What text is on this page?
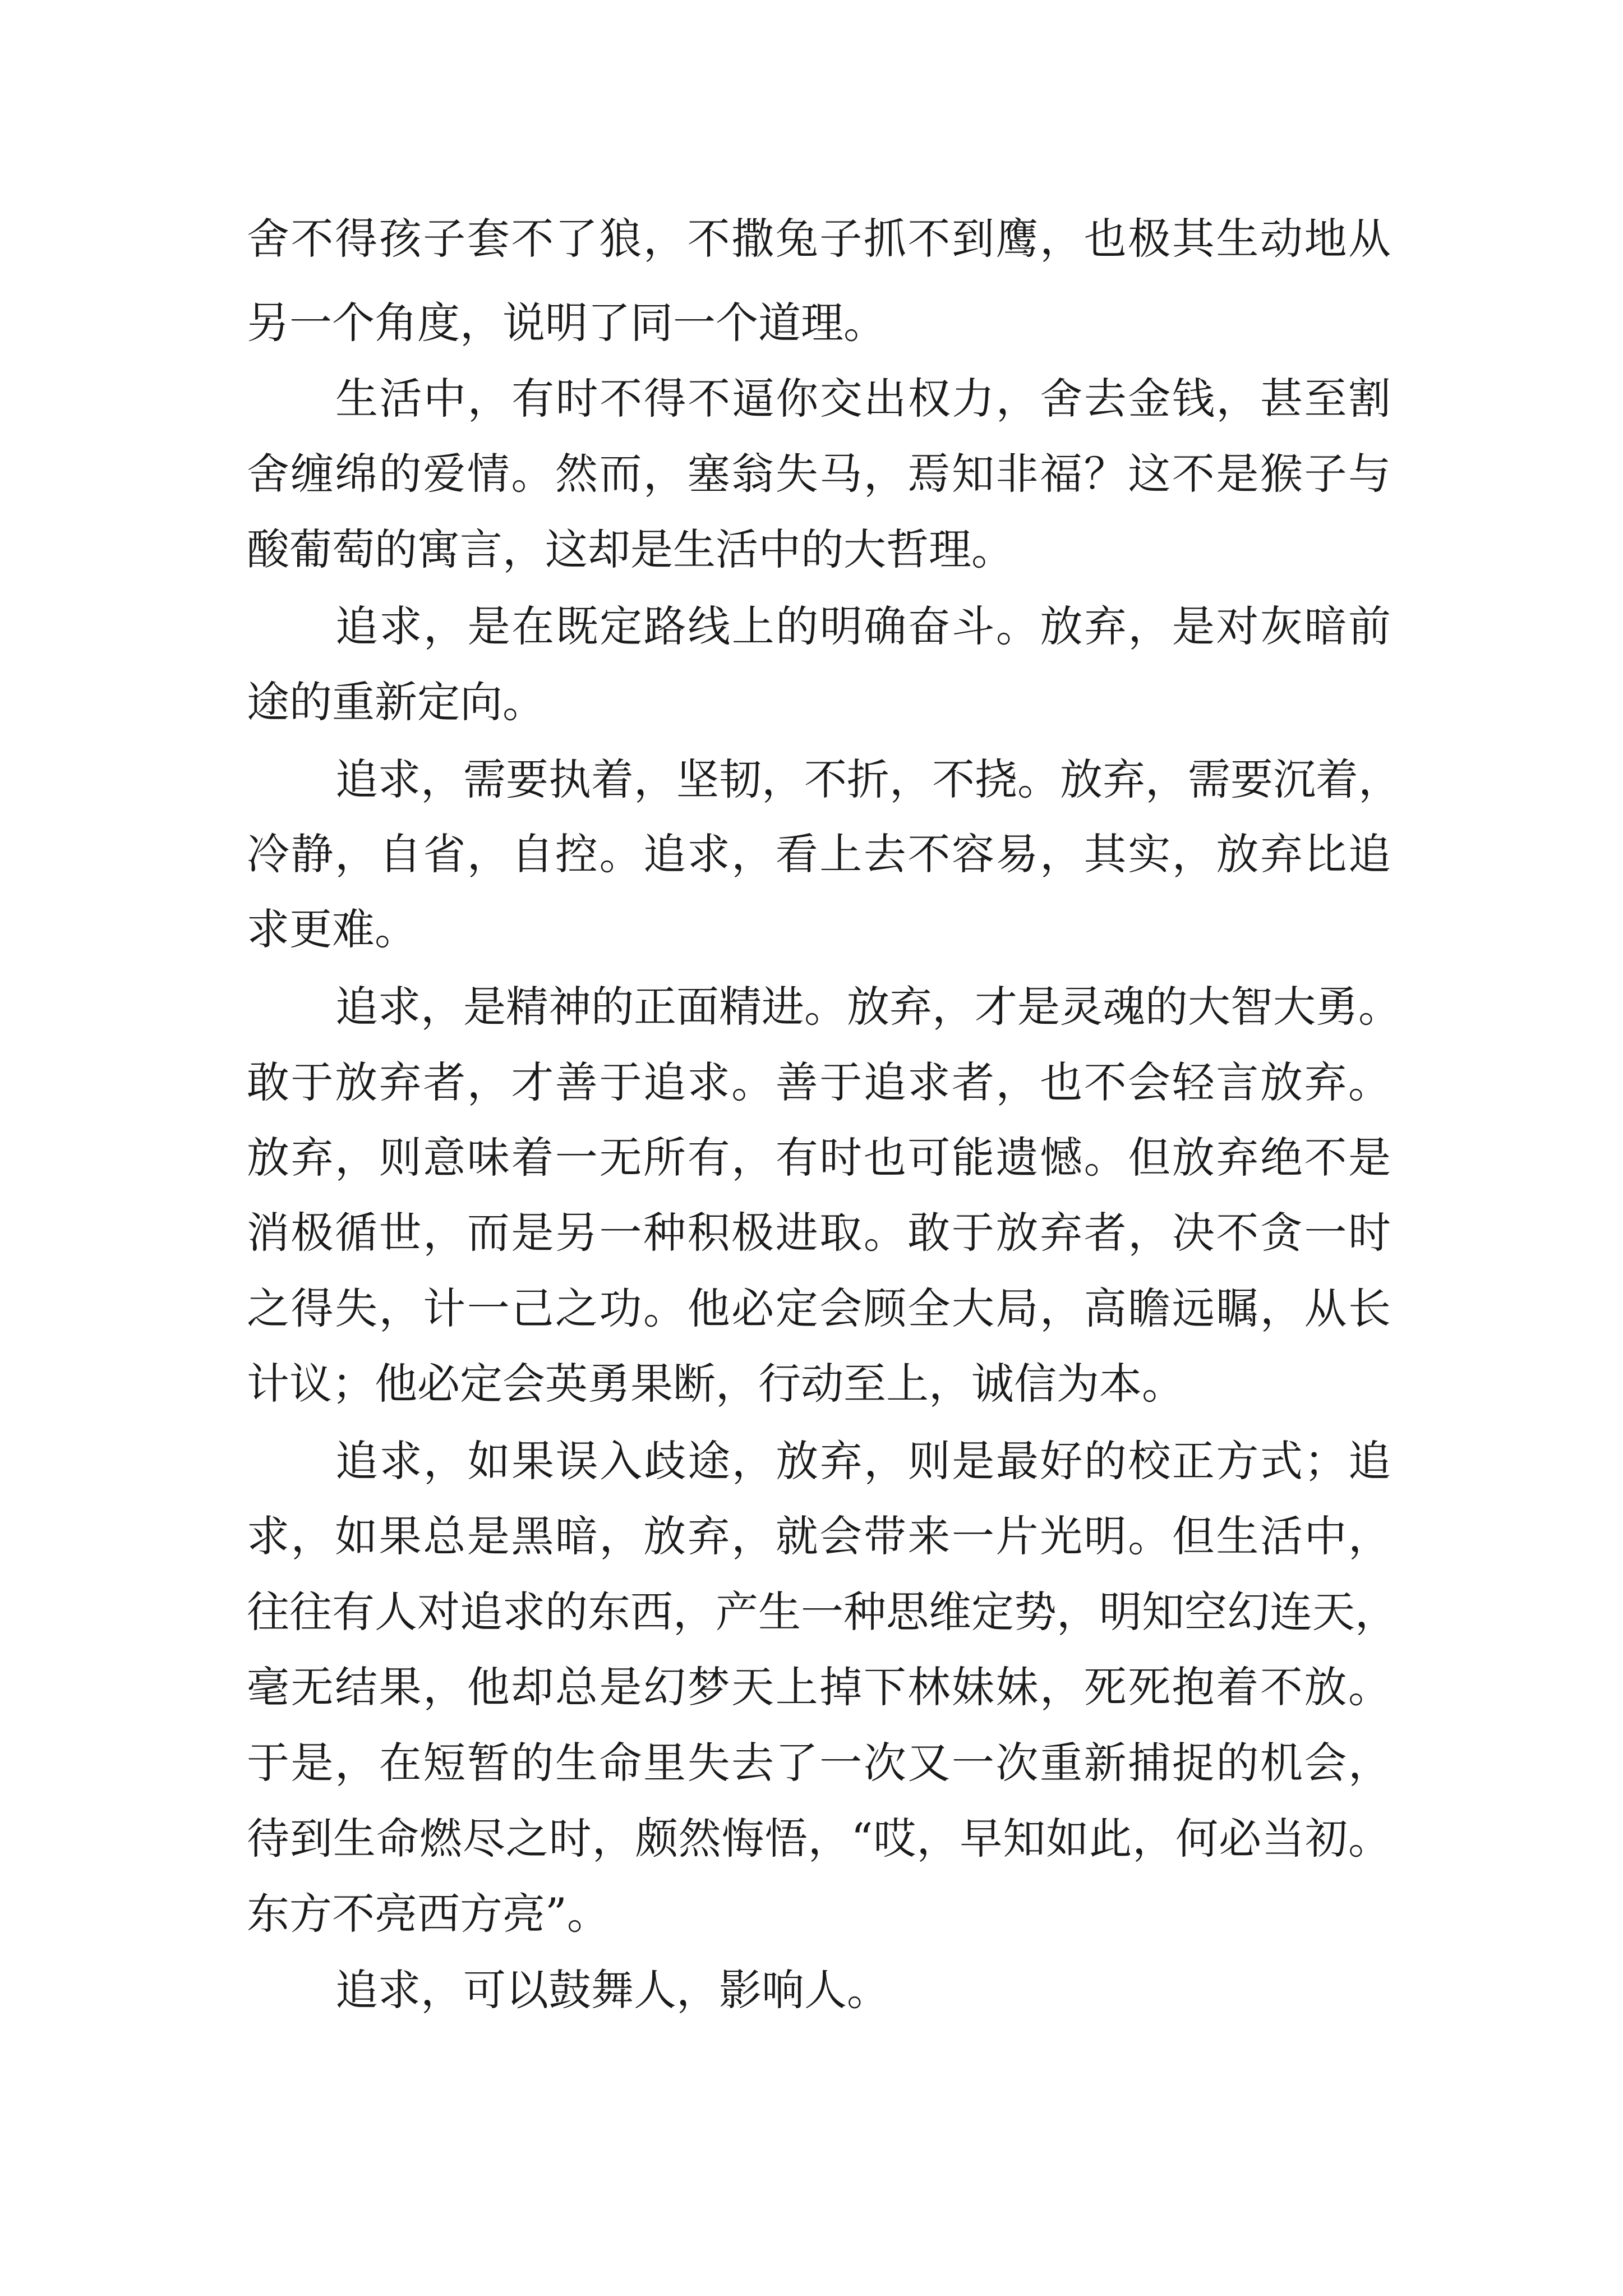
舍不得孩子套不了狼，不撒兔子抓不到鹰，也极其生动地从
另一个角度，说明了同一个道理。
生活中，有时不得不逼你交出权力，舍去金钱，甚至割
舍缠绵的爱情。然而，塞翁失马，焉知非福？这不是猴子与
酸葡萄的寓言，这却是生活中的大哲理。
追求，是在既定路线上的明确奋斗。放弃，是对灰暗前
途的重新定向。
追求，需要执着，坚韧，不折，不挠。放弃，需要沉着，
冷静，自省，自控。追求，看上去不容易，其实，放弃比追
求更难。
追求，是精神的正面精进。放弃，才是灵魂的大智大勇。
敢于放弃者，才善于追求。善于追求者，也不会轻言放弃。
放弃，则意味着一无所有，有时也可能遗憾。但放弃绝不是
消极循世，而是另一种积极进取。敢于放弃者，决不贪一时
之得失，计一己之功。他必定会顾全大局，高瞻远瞩，从长
计议；他必定会英勇果断，行动至上，诚信为本。
追求，如果误入歧途，放弃，则是最好的校正方式；追
求，如果总是黑暗，放弃，就会带来一片光明。但生活中，
往往有人对追求的东西，产生一种思维定势，明知空幻连天，
毫无结果，他却总是幻梦天上掉下林妹妹，死死抱着不放。
于是，在短暂的生命里失去了一次又一次重新捕捉的机会，
待到生命燃尽之时，颇然悔悟，“哎，早知如此，何必当初。
东方不亮西方亮”。
追求，可以鼓舞人，影响人。
